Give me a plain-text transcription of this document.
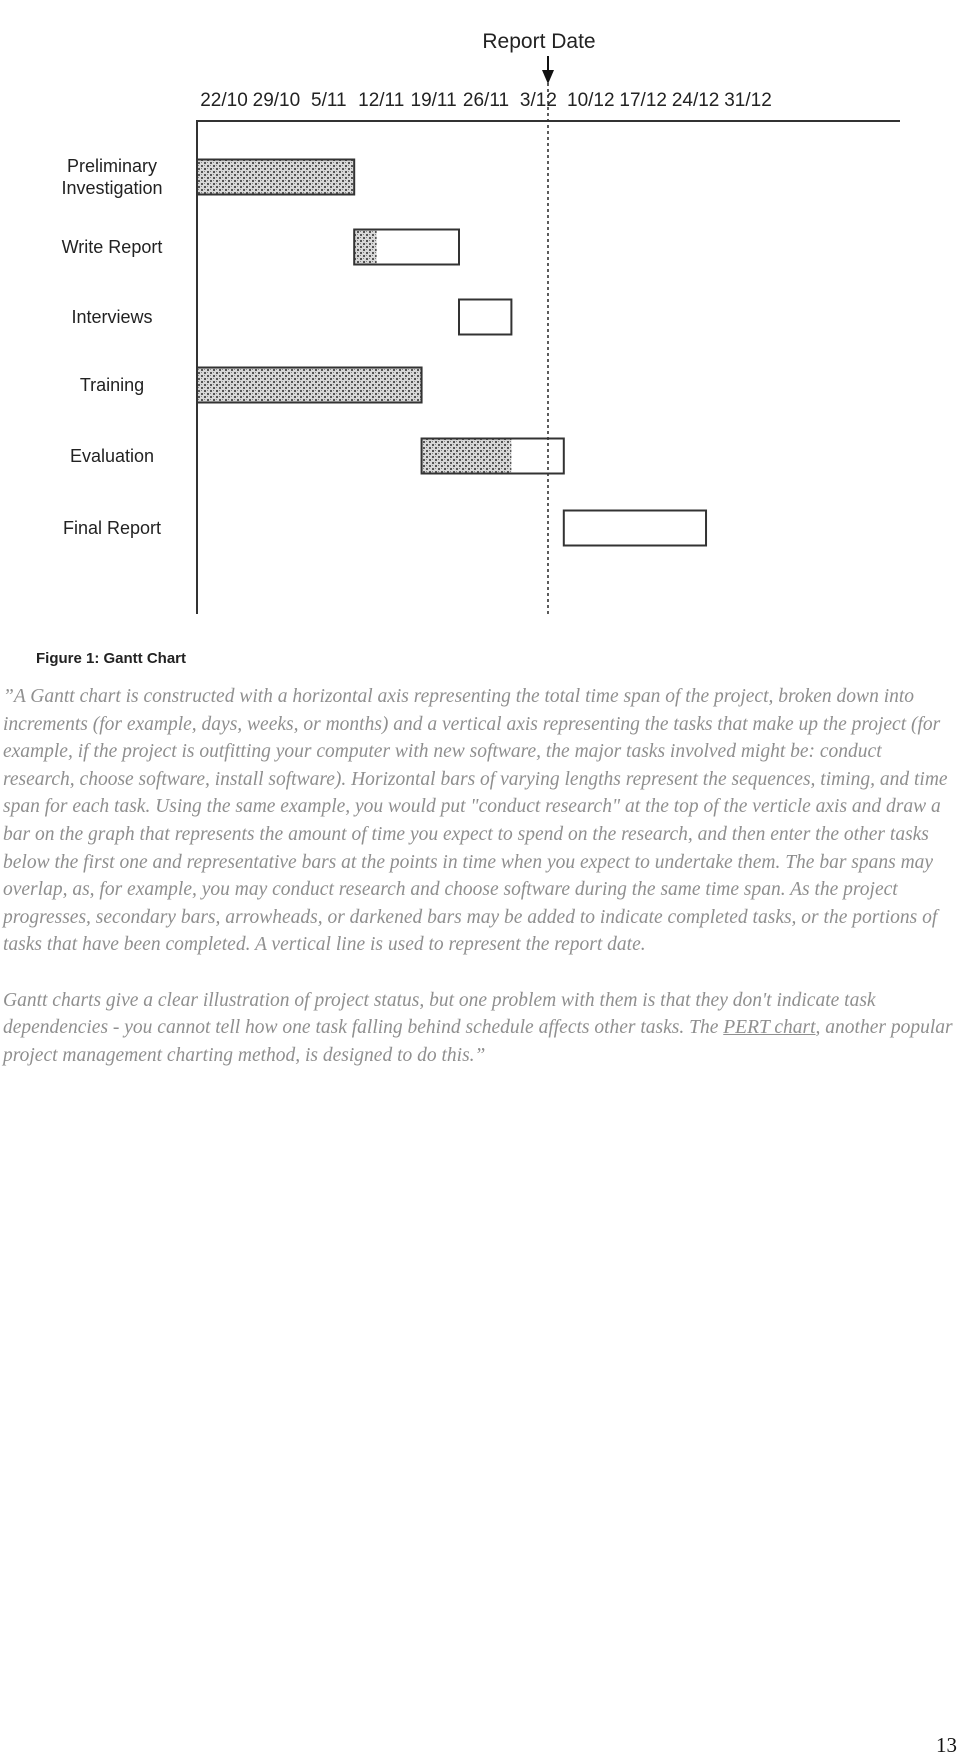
Report Date
Figure 1: Gantt Chart
22/10 29/10 5/11 12/11 19/11 26/11 3/12 10/12 17/12 24/12 31/12
Preliminary
Investigation
Write Report
Interviews
Training
Evaluation
Final Report

”A Gantt chart is constructed with a horizontal axis representing the total time span of the project, broken down into increments (for example, days, weeks, or months) and a vertical axis representing the tasks that make up the project (for example, if the project is outfitting your computer with new software, the major tasks involved might be: conduct research, choose software, install software). Horizontal bars of varying lengths represent the sequences, timing, and time span for each task. Using the same example, you would put "conduct research" at the top of the verticle axis and draw a bar on the graph that represents the amount of time you expect to spend on the research, and then enter the other tasks below the first one and representative bars at the points in time when you expect to undertake them. The bar spans may overlap, as, for example, you may conduct research and choose software during the same time span. As the project progresses, secondary bars, arrowheads, or darkened bars may be added to indicate completed tasks, or the portions of tasks that have been completed. A vertical line is used to represent the report date.

Gantt charts give a clear illustration of project status, but one problem with them is that they don't indicate task dependencies - you cannot tell how one task falling behind schedule affects other tasks. The PERT chart, another popular project management charting method, is designed to do this.”

13
